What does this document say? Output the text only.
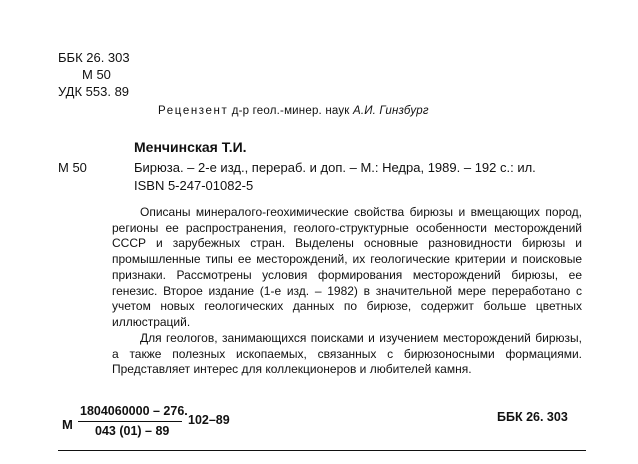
ББК 26. 303
М 50
УДК 553. 89
Рецензент д-р геол.-минер. наук А.И. Гинзбург
Менчинская Т.И.
М 50	Бирюза. – 2-е изд., перераб. и доп. – М.: Недра, 1989. – 192 с.: ил.
ISBN 5-247-01082-5

Описаны минералого-геохимические свойства бирюзы и вмещающих пород, регионы ее распространения, геолого-структурные особенности месторождений СССР и зарубежных стран. Выделены основные разновидности бирюзы и промышленные типы ее месторождений, их геологические критерии и поисковые признаки. Рассмотрены условия формирования месторождений бирюзы, ее генезис. Второе издание (1-е изд. – 1982) в значительной мере переработано с учетом новых геологических данных по бирюзе, содержит больше цветных иллюстраций.

Для геологов, занимающихся поисками и изучением месторождений бирюзы, а также полезных ископаемых, связанных с бирюзоносными формациями. Представляет интерес для коллекционеров и любителей камня.

М
1804060000 – 276.
043 (01) – 89
102–89	ББК 26. 303
